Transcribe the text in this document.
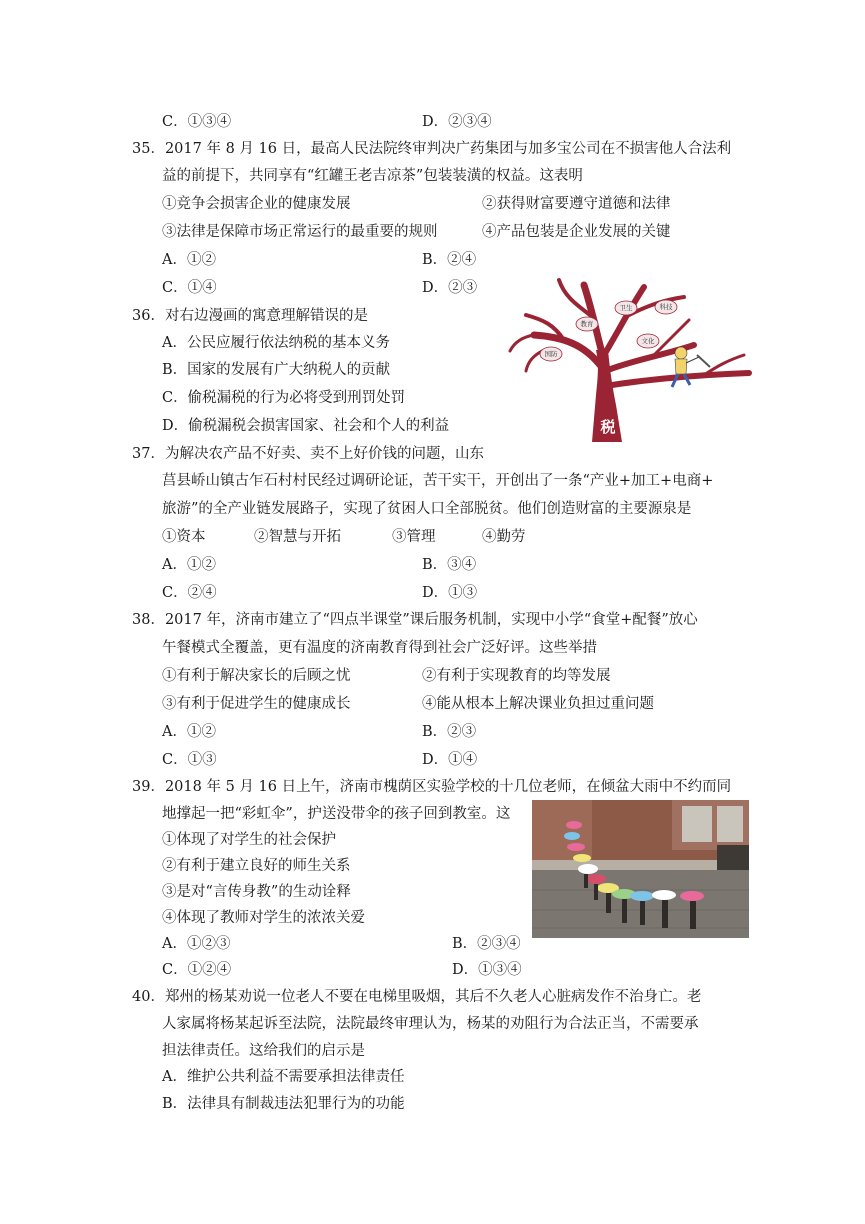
C．①③④	D．②③④
35．2017 年 8 月 16 日，最高人民法院终审判决广药集团与加多宝公司在不损害他人合法利
益的前提下，共同享有“红罐王老吉凉茶”包装装潢的权益。这表明
①竞争会损害企业的健康发展	②获得财富要遵守道德和法律
③法律是保障市场正常运行的最重要的规则	④产品包装是企业发展的关键
A．①②	B．②④
C．①④	D．②③
36．对右边漫画的寓意理解错误的是
A．公民应履行依法纳税的基本义务
B．国家的发展有广大纳税人的贡献
C．偷税漏税的行为必将受到刑罚处罚
D．偷税漏税会损害国家、社会和个人的利益
卫生	科技
教育
文化
国防
税
37．为解决农产品不好卖、卖不上好价钱的问题，山东
莒县峤山镇古乍石村村民经过调研论证，苦干实干，开创出了一条“产业+加工+电商+
旅游”的全产业链发展路子，实现了贫困人口全部脱贫。他们创造财富的主要源泉是
①资本	②智慧与开拓	③管理	④勤劳
A．①②	B．③④
C．②④	D．①③
38．2017 年，济南市建立了“四点半课堂”课后服务机制，实现中小学“食堂+配餐”放心
午餐模式全覆盖，更有温度的济南教育得到社会广泛好评。这些举措
①有利于解决家长的后顾之忧	②有利于实现教育的均等发展
③有利于促进学生的健康成长	④能从根本上解决课业负担过重问题
A．①②	B．②③
C．①③	D．①④
39．2018 年 5 月 16 日上午，济南市槐荫区实验学校的十几位老师，在倾盆大雨中不约而同
地撑起一把“彩虹伞”，护送没带伞的孩子回到教室。这
①体现了对学生的社会保护
②有利于建立良好的师生关系
③是对“言传身教”的生动诠释
④体现了教师对学生的浓浓关爱
A．①②③	B．②③④
C．①②④	D．①③④
40．郑州的杨某劝说一位老人不要在电梯里吸烟，其后不久老人心脏病发作不治身亡。老
人家属将杨某起诉至法院，法院最终审理认为，杨某的劝阻行为合法正当，不需要承
担法律责任。这给我们的启示是
A．维护公共利益不需要承担法律责任
B．法律具有制裁违法犯罪行为的功能
